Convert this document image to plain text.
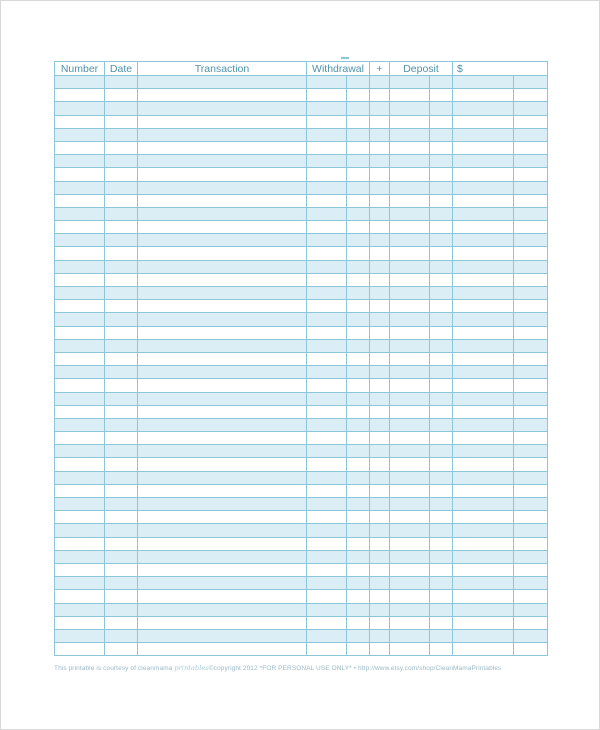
Number	Date	Transaction	Withdrawal		+	Deposit		$	

This printable is courtesy of cleanmama printables©copyright 2012 *FOR PERSONAL USE ONLY* • http://www.etsy.com/shop/CleanMamaPrintables
